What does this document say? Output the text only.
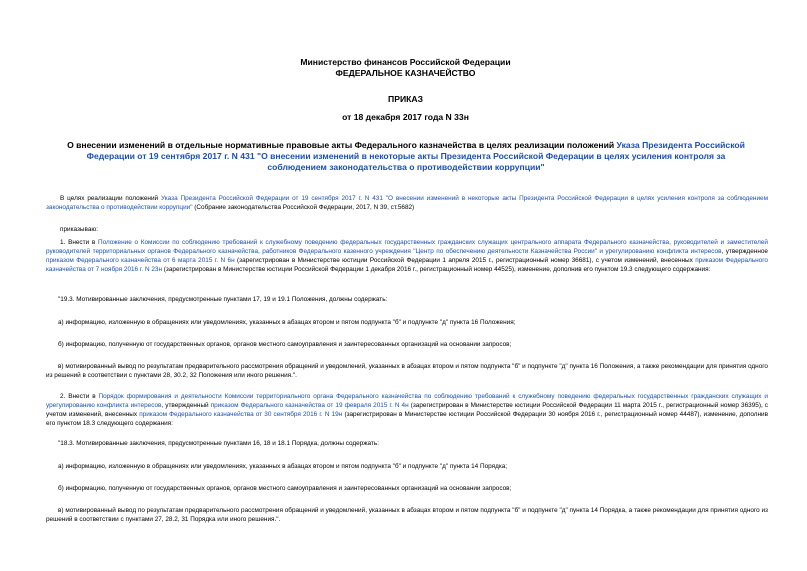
Министерство финансов Российской Федерации
ФЕДЕРАЛЬНОЕ КАЗНАЧЕЙСТВО
ПРИКАЗ
от 18 декабря 2017 года N 33н
О внесении изменений в отдельные нормативные правовые акты Федерального казначейства в целях реализации положений Указа Президента Российской Федерации от 19 сентября 2017 г. N 431 "О внесении изменений в некоторые акты Президента Российской Федерации в целях усиления контроля за соблюдением законодательства о противодействии коррупции"

В целях реализации положений Указа Президента Российской Федерации от 19 сентября 2017 г. N 431 "О внесении изменений в некоторые акты Президента Российской Федерации в целях усиления контроля за соблюдением законодательства о противодействии коррупции" (Собрание законодательства Российской Федерации, 2017, N 39, ст.5682)

приказываю:

1. Внести в Положение о Комиссии по соблюдению требований к служебному поведению федеральных государственных гражданских служащих центрального аппарата Федерального казначейства, руководителей и заместителей руководителей территориальных органов Федерального казначейства, работников Федерального казенного учреждения "Центр по обеспечению деятельности Казначейства России" и урегулированию конфликта интересов, утвержденное приказом Федерального казначейства от 6 марта 2015 г. N 6н (зарегистрирован в Министерстве юстиции Российской Федерации 1 апреля 2015 г., регистрационный номер 36681), с учетом изменений, внесенных приказом Федерального казначейства от 7 ноября 2016 г. N 23н (зарегистрирован в Министерстве юстиции Российской Федерации 1 декабря 2016 г., регистрационный номер 44525), изменение, дополнив его пунктом 19.3 следующего содержания:

"19.3. Мотивированные заключения, предусмотренные пунктами 17, 19 и 19.1 Положения, должны содержать:

а) информацию, изложенную в обращениях или уведомлениях, указанных в абзацах втором и пятом подпункта "б" и подпункте "д" пункта 16 Положения;

б) информацию, полученную от государственных органов, органов местного самоуправления и заинтересованных организаций на основании запросов;

в) мотивированный вывод по результатам предварительного рассмотрения обращений и уведомлений, указанных в абзацах втором и пятом подпункта "б" и подпункте "д" пункта 16 Положения, а также рекомендации для принятия одного из решений в соответствии с пунктами 28, 30.2, 32 Положения или иного решения.".

2. Внести в Порядок формирования и деятельности Комиссии территориального органа Федерального казначейства по соблюдению требований к служебному поведению федеральных государственных гражданских служащих и урегулированию конфликта интересов, утвержденный приказом Федерального казначейства от 19 февраля 2015 г. N 4н (зарегистрирован в Министерстве юстиции Российской Федерации 11 марта 2015 г., регистрационный номер 36395), с учетом изменений, внесенных приказом Федерального казначейства от 30 сентября 2016 г. N 19н (зарегистрирован в Министерстве юстиции Российской Федерации 30 ноября 2016 г., регистрационный номер 44487), изменение, дополнив его пунктом 18.3 следующего содержания:

"18.3. Мотивированные заключения, предусмотренные пунктами 16, 18 и 18.1 Порядка, должны содержать:

а) информацию, изложенную в обращениях или уведомлениях, указанных в абзацах втором и пятом подпункта "б" и подпункте "д" пункта 14 Порядка;

б) информацию, полученную от государственных органов, органов местного самоуправления и заинтересованных организаций на основании запросов;

в) мотивированный вывод по результатам предварительного рассмотрения обращений и уведомлений, указанных в абзацах втором и пятом подпункта "б" и подпункте "д" пункта 14 Порядка, а также рекомендации для принятия одного из решений в соответствии с пунктами 27, 28.2, 31 Порядка или иного решения.".
